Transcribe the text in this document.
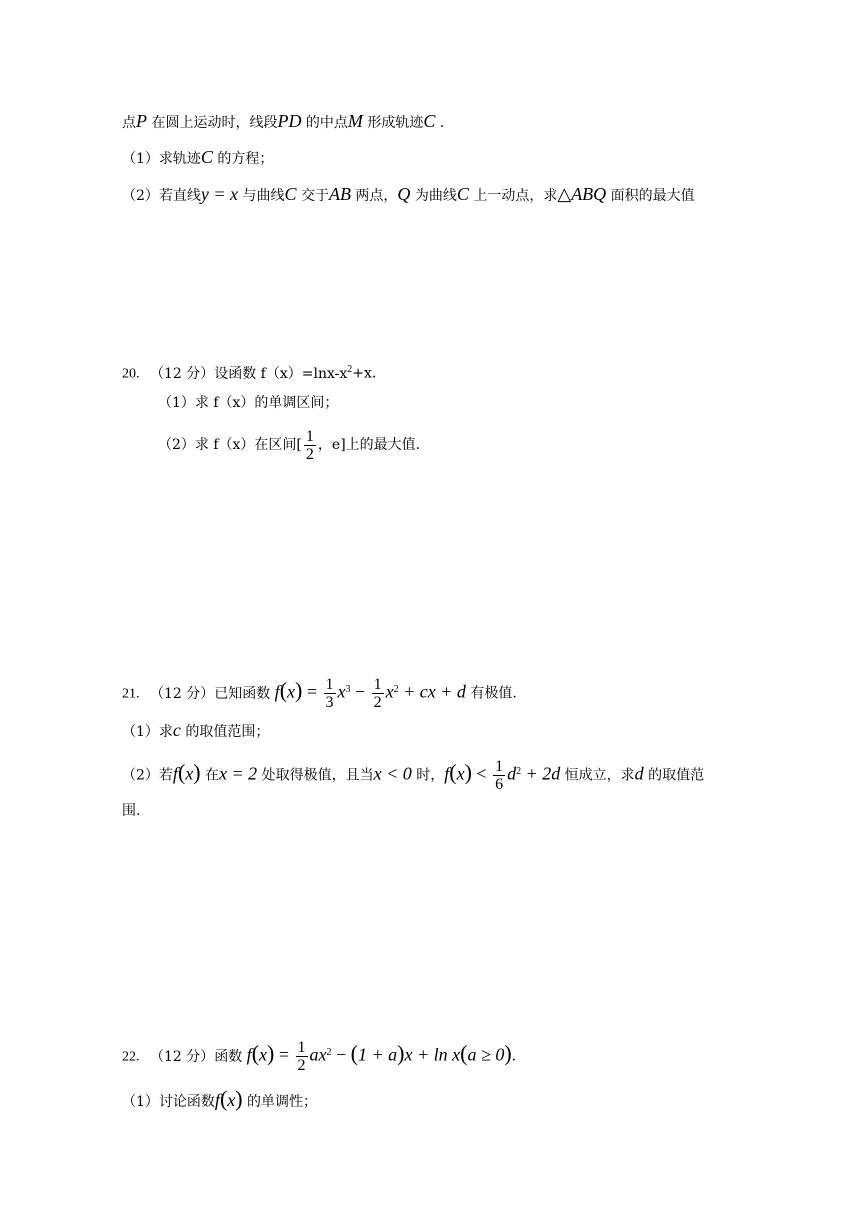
点P 在圆上运动时，线段PD 的中点M 形成轨迹C .
（1）求轨迹C 的方程；
（2）若直线y = x 与曲线C 交于AB 两点，Q 为曲线C 上一动点，求△ABQ 面积的最大值
20. （12 分）设函数 $f(x)=\ln x-x^2+x$.
（1）求 f（x）的单调区间；
（2）求 f（x）在区间[ $\frac{1}{2}$ ，e]上的最大值.
21. （12 分）已知函数 $f(x) = \frac{1}{3} x^3 - \frac{1}{2} x^2$ + cx + d 有极值.
（1）求c 的取值范围；
（2）若f(x) 在x = 2 处取得极值，且当x < 0 时，$f(x) < \frac{1}{6} d^2 + 2d$ 恒成立，求d 的取值范
围.
22. （12 分）函数 $f(x) = \frac{1}{2} ax^2 - (1 + a)x + \ln x(a \ge 0)$.
（1）讨论函数f(x) 的单调性；
